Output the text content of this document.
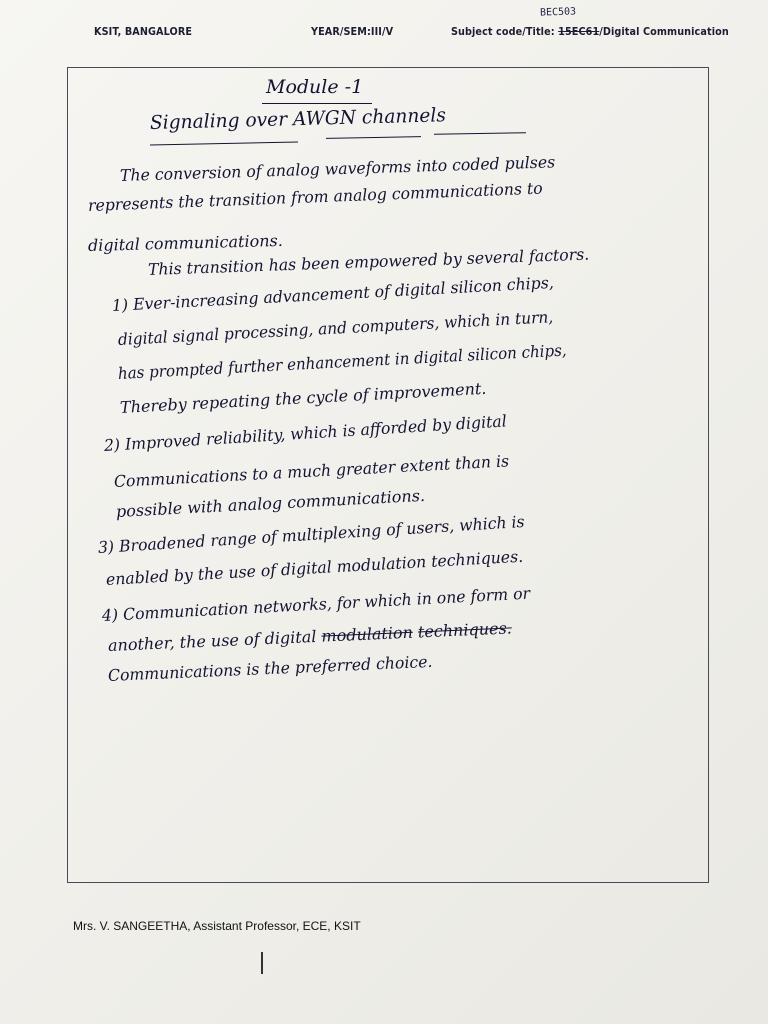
BEC503
KSIT, BANGALORE	YEAR/SEM:III/V	Subject code/Title: 15EC61/Digital Communication
Module -1
Signaling over AWGN channels
The conversion of analog waveforms into coded pulses
represents the transition from analog communications to
digital communications.
This transition has been empowered by several factors.
1) Ever-increasing advancement of digital silicon chips,
digital signal processing, and computers, which in turn,
has prompted further enhancement in digital silicon chips,
Thereby repeating the cycle of improvement.
2) Improved reliability, which is afforded by digital
Communications to a much greater extent than is
possible with analog communications.
3) Broadened range of multiplexing of users, which is
enabled by the use of digital modulation techniques.
4) Communication networks, for which in one form or
another, the use of digital modulation techniques.
Communications is the preferred choice.
Mrs. V. SANGEETHA, Assistant Professor, ECE, KSIT
